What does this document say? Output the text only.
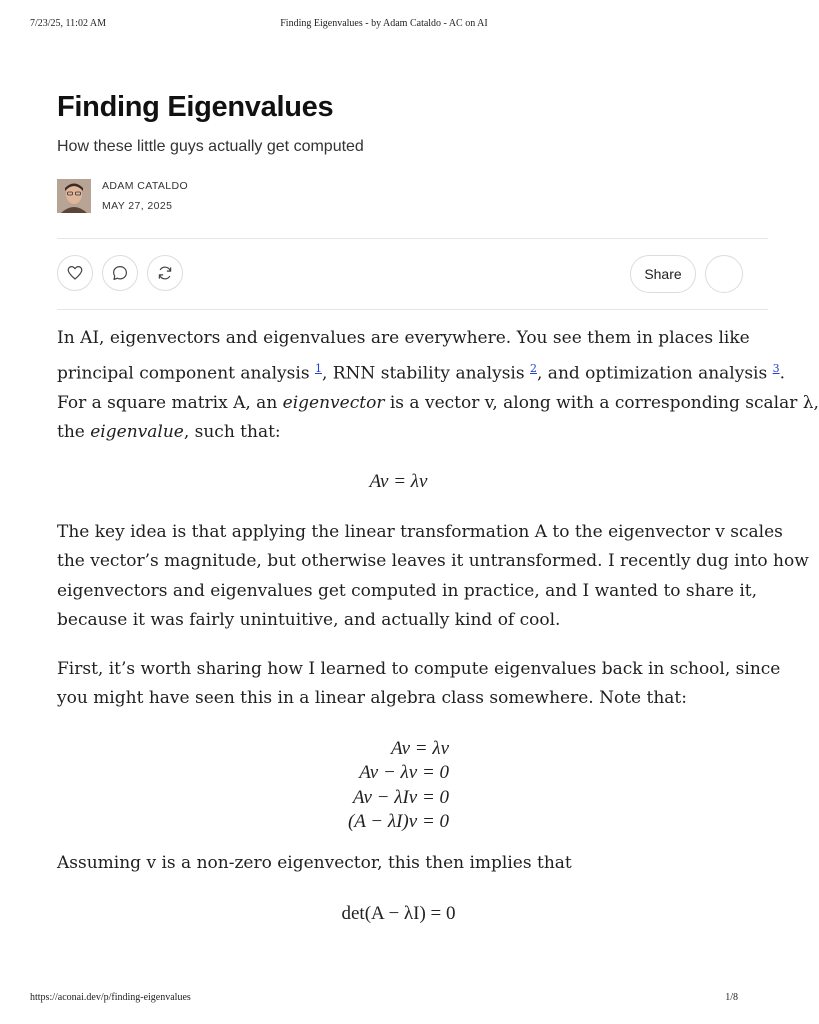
7/23/25, 11:02 AM	Finding Eigenvalues - by Adam Cataldo - AC on AI
Finding Eigenvalues
How these little guys actually get computed
ADAM CATALDO
MAY 27, 2025
Share

In AI, eigenvectors and eigenvalues are everywhere. You see them in places like
principal component analysis $^1$, RNN stability analysis $^2$, and optimization analysis $^3$.
For a square matrix A, an eigenvector is a vector v, along with a corresponding scalar λ,
the eigenvalue, such that:

Av = λv

The key idea is that applying the linear transformation A to the eigenvector v scales
the vector’s magnitude, but otherwise leaves it untransformed. I recently dug into how
eigenvectors and eigenvalues get computed in practice, and I wanted to share it,
because it was fairly unintuitive, and actually kind of cool.

First, it’s worth sharing how I learned to compute eigenvalues back in school, since
you might have seen this in a linear algebra class somewhere. Note that:

Av = λv
Av − λv = 0
Av − λIv = 0
(A − λI)v = 0

Assuming v is a non-zero eigenvector, this then implies that

det(A − λI) = 0
https://aconai.dev/p/finding-eigenvalues	1/8
